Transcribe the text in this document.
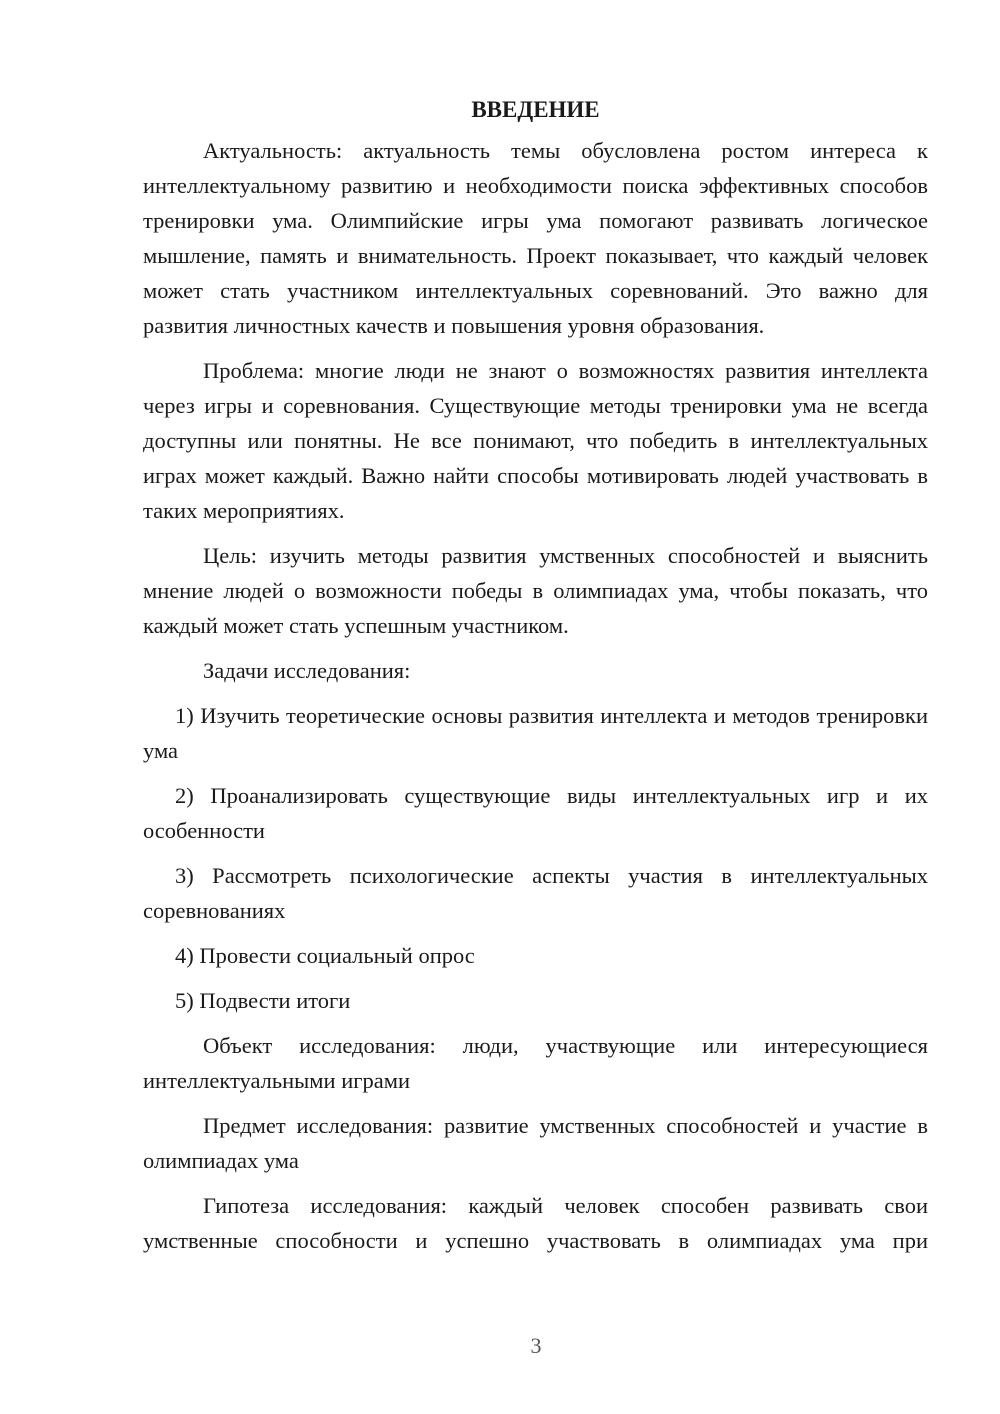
ВВЕДЕНИЕ

Актуальность: актуальность темы обусловлена ростом интереса к интеллектуальному развитию и необходимости поиска эффективных способов тренировки ума. Олимпийские игры ума помогают развивать логическое мышление, память и внимательность. Проект показывает, что каждый человек может стать участником интеллектуальных соревнований. Это важно для развития личностных качеств и повышения уровня образования.

Проблема: многие люди не знают о возможностях развития интеллекта через игры и соревнования. Существующие методы тренировки ума не всегда доступны или понятны. Не все понимают, что победить в интеллектуальных играх может каждый. Важно найти способы мотивировать людей участвовать в таких мероприятиях.

Цель: изучить методы развития умственных способностей и выяснить мнение людей о возможности победы в олимпиадах ума, чтобы показать, что каждый может стать успешным участником.

Задачи исследования:

1) Изучить теоретические основы развития интеллекта и методов тренировки ума

2) Проанализировать существующие виды интеллектуальных игр и их особенности

3) Рассмотреть психологические аспекты участия в интеллектуальных соревнованиях

4) Провести социальный опрос

5) Подвести итоги

Объект исследования: люди, участвующие или интересующиеся интеллектуальными играми

Предмет исследования: развитие умственных способностей и участие в олимпиадах ума

Гипотеза исследования: каждый человек способен развивать свои умственные способности и успешно участвовать в олимпиадах ума при

3
